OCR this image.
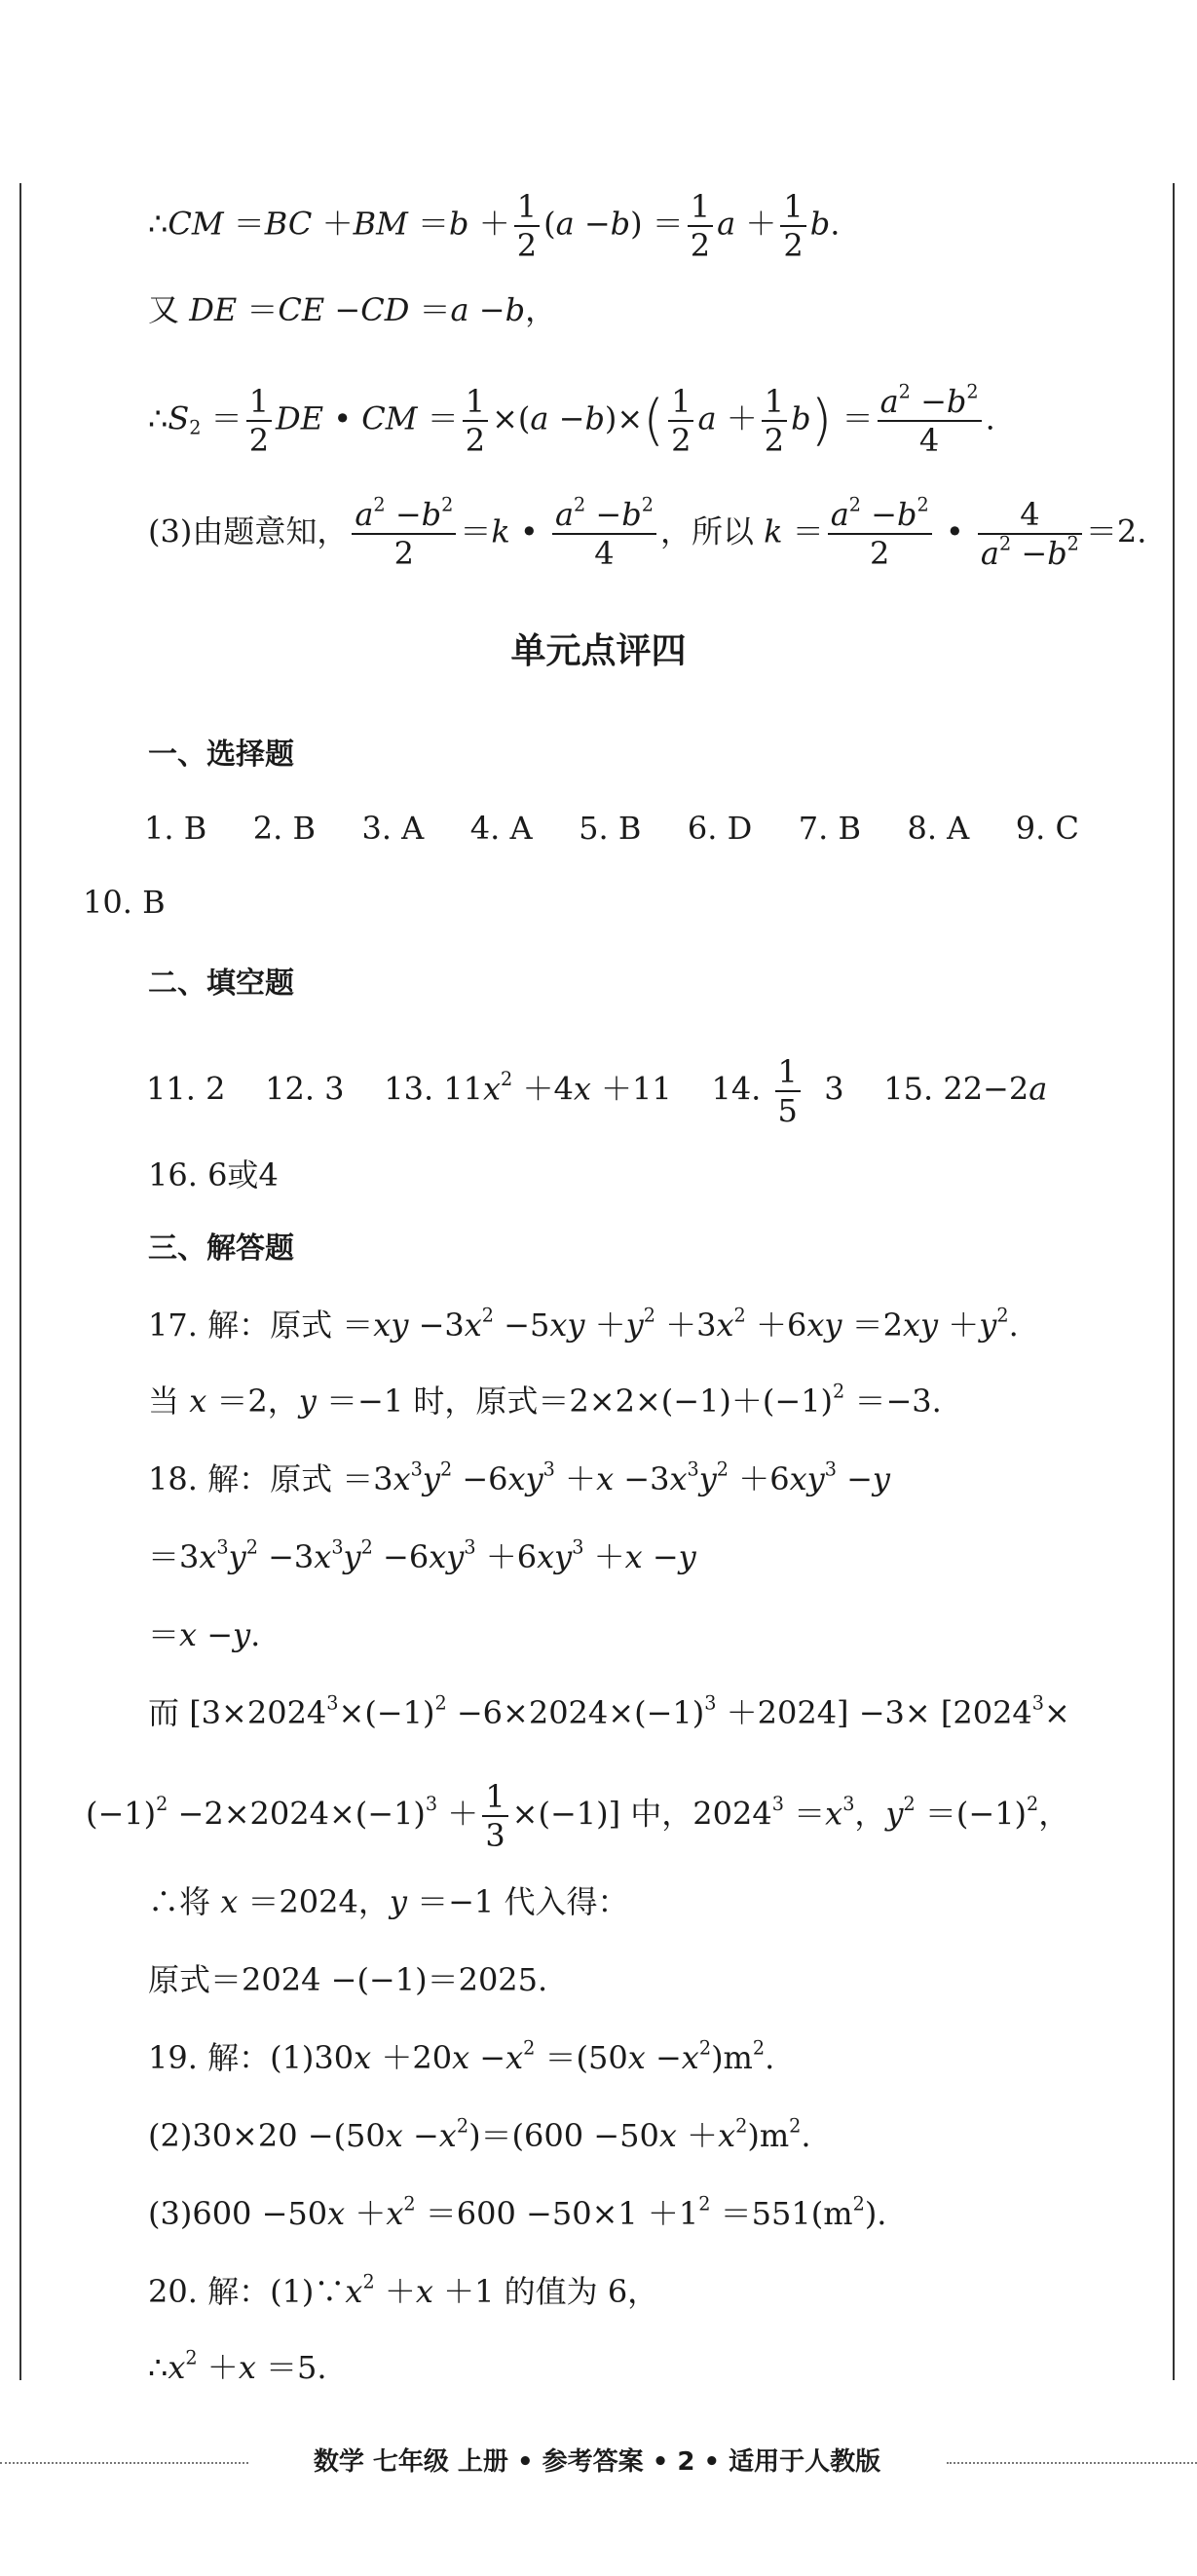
∴CM $=BC +BM =b + \frac{1}{2} (a -b) = \frac{1}{2}$ $a + \frac{1}{2} b$.
又 DE ＝CE −CD ＝a −b，
$\therefore S_2 = \frac{1}{2}$ DE • CM ＝ $\frac{1}{2} \times(a -b)\times( \frac{1}{2}$ $a + \frac{1}{2} b) = \frac{a^2 -b^2}{4}$ .
(3)由题意知， $\frac{a^2 -b^2}{2} =k$ • $\frac{a^2 -b^2}{4}$ ，所以 $k = \frac{a^2 -b^2}{2}$ • $\frac{4}{a^2 -b^2} =2$.
单元点评四
一、选择题
1. B 2. B 3. A 4. A 5. B 6. D 7. B 8. A 9. C
10. B
二、填空题
11. 2 12. 3 13. $11x^2 +4x +11$    14. $\frac{1}{5} 3$ 15. 22−2a
16. 6或4
三、解答题
17. 解：原式 $=xy -3x^2 -5xy +y^2 +3x^2 +6xy =2xy +y^2$.
当 x ＝2，y ＝−1 时，原式$=2\times 2\times(-1)+(-1)^2 =-3$.
18. 解：原式 $=3x^3y^2 -6xy^3 +x -3x^3y^2 +6xy^3 -y$
$=3x^3y^2 -3x^3y^2 -6xy^3 +6xy^3 +x -y$
＝x −y.
而 $[3\times 2024^3\times(-1)^2 -6\times 2024\times(-1)^3 +2024] -3\times [2024^3\times$
$(-1)^2 -2\times 2024\times(-1)^3 + \frac{1}{3} \times(-1)$] 中，$2024^3 =x^3$，$y^2 =(-1)^2$，
∴将 x ＝2024，y ＝−1 代入得：
原式＝2024 −(−1)＝2025.
19. 解：$(1)30x +20x -x^2 =(50x -x^2)m^2$.
$(2)30\times 20 -(50x -x^2)=(600 -50x +x^2)m^2$.
$(3)600 -50x +x^2 =600 -50\times 1 +1^2 =551(m^2)$.
20. 解：$(1)\because x^2 +x +1$ 的值为 6，
$\therefore x^2 +x =5$.
数学 七年级 上册 • 参考答案 • 2 • 适用于人教版
